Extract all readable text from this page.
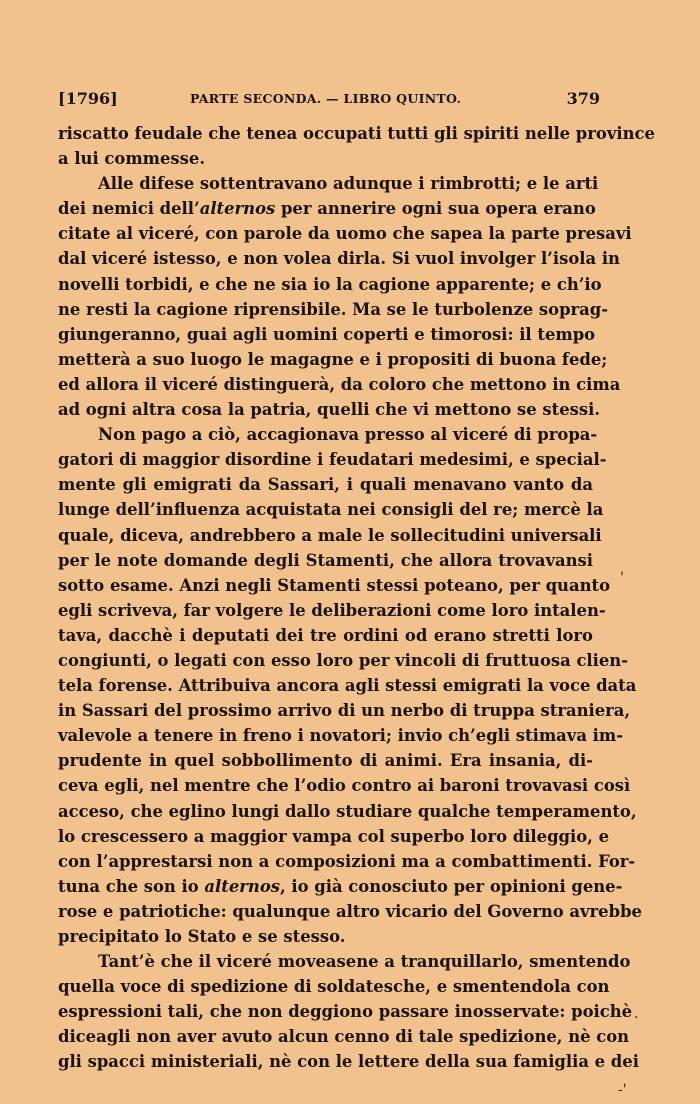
[1796]	PARTE SECONDA. — LIBRO QUINTO.	379
riscatto feudale che tenea occupati tutti gli spiriti nelle province
a lui commesse.
Alle difese sottentravano adunque i rimbrotti; e le arti
dei nemici dell’alternos per annerire ogni sua opera erano
citate al viceré, con parole da uomo che sapea la parte presavi
dal viceré istesso, e non volea dirla. Si vuol involger l’isola in
novelli torbidi, e che ne sia io la cagione apparente; e ch’io
ne resti la cagione riprensibile. Ma se le turbolenze soprag-
giungeranno, guai agli uomini coperti e timorosi: il tempo
metterà a suo luogo le magagne e i propositi di buona fede;
ed allora il viceré distinguerà, da coloro che mettono in cima
ad ogni altra cosa la patria, quelli che vi mettono se stessi.
Non pago a ciò, accagionava presso al viceré di propa-
gatori di maggior disordine i feudatari medesimi, e special-
mente gli emigrati da Sassari, i quali menavano vanto da
lunge dell’influenza acquistata nei consigli del re; mercè la
quale, diceva, andrebbero a male le sollecitudini universali
per le note domande degli Stamenti, che allora trovavansi
sotto esame. Anzi negli Stamenti stessi poteano, per quanto
egli scriveva, far volgere le deliberazioni come loro intalen-
tava, dacchè i deputati dei tre ordini od erano stretti loro
congiunti, o legati con esso loro per vincoli di fruttuosa clien-
tela forense. Attribuiva ancora agli stessi emigrati la voce data
in Sassari del prossimo arrivo di un nerbo di truppa straniera,
valevole a tenere in freno i novatori; invio ch’egli stimava im-
prudente in quel sobbollimento di animi. Era insania, di-
ceva egli, nel mentre che l’odio contro ai baroni trovavasi così
acceso, che eglino lungi dallo studiare qualche temperamento,
lo crescessero a maggior vampa col superbo loro dileggio, e
con l’apprestarsi non a composizioni ma a combattimenti. For-
tuna che son io alternos, io già conosciuto per opinioni gene-
rose e patriotiche: qualunque altro vicario del Governo avrebbe
precipitato lo Stato e se stesso.
Tant’è che il viceré moveasene a tranquillarlo, smentendo
quella voce di spedizione di soldatesche, e smentendola con
espressioni tali, che non deggiono passare inosservate: poichè
diceagli non aver avuto alcun cenno di tale spedizione, nè con
gli spacci ministeriali, nè con le lettere della sua famiglia e dei
'
.
-'
